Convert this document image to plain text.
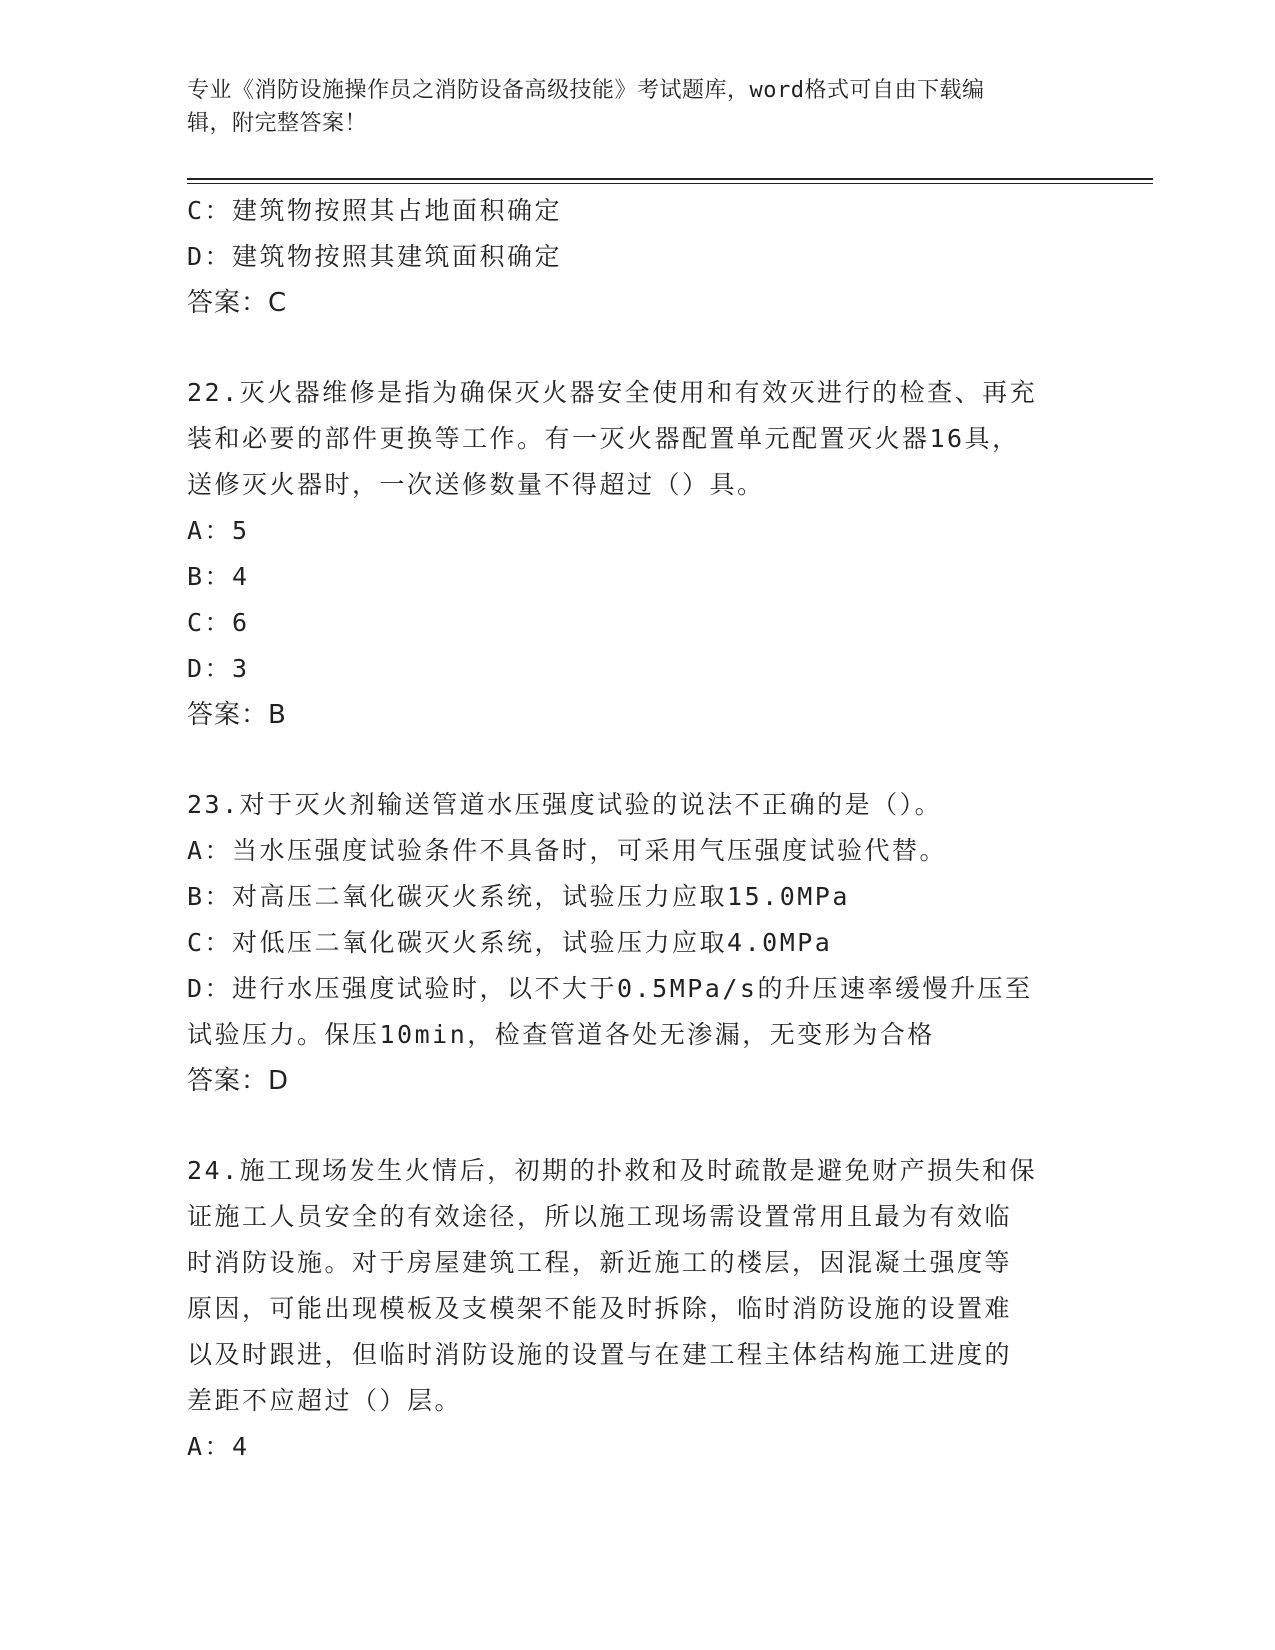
专业《消防设施操作员之消防设备高级技能》考试题库，word格式可自由下载编
辑，附完整答案！
C：建筑物按照其占地面积确定
D：建筑物按照其建筑面积确定
答案：C
22.灭火器维修是指为确保灭火器安全使用和有效灭进行的检查、再充
装和必要的部件更换等工作。有一灭火器配置单元配置灭火器16具，
送修灭火器时，一次送修数量不得超过（）具。
A：5
B：4
C：6
D：3
答案：B
23.对于灭火剂输送管道水压强度试验的说法不正确的是（）。
A：当水压强度试验条件不具备时，可采用气压强度试验代替。
B：对高压二氧化碳灭火系统，试验压力应取15.0MPa
C：对低压二氧化碳灭火系统，试验压力应取4.0MPa
D：进行水压强度试验时，以不大于0.5MPa/s的升压速率缓慢升压至
试验压力。保压10min，检查管道各处无渗漏，无变形为合格
答案：D
24.施工现场发生火情后，初期的扑救和及时疏散是避免财产损失和保
证施工人员安全的有效途径，所以施工现场需设置常用且最为有效临
时消防设施。对于房屋建筑工程，新近施工的楼层，因混凝土强度等
原因，可能出现模板及支模架不能及时拆除，临时消防设施的设置难
以及时跟进，但临时消防设施的设置与在建工程主体结构施工进度的
差距不应超过（）层。
A：4
